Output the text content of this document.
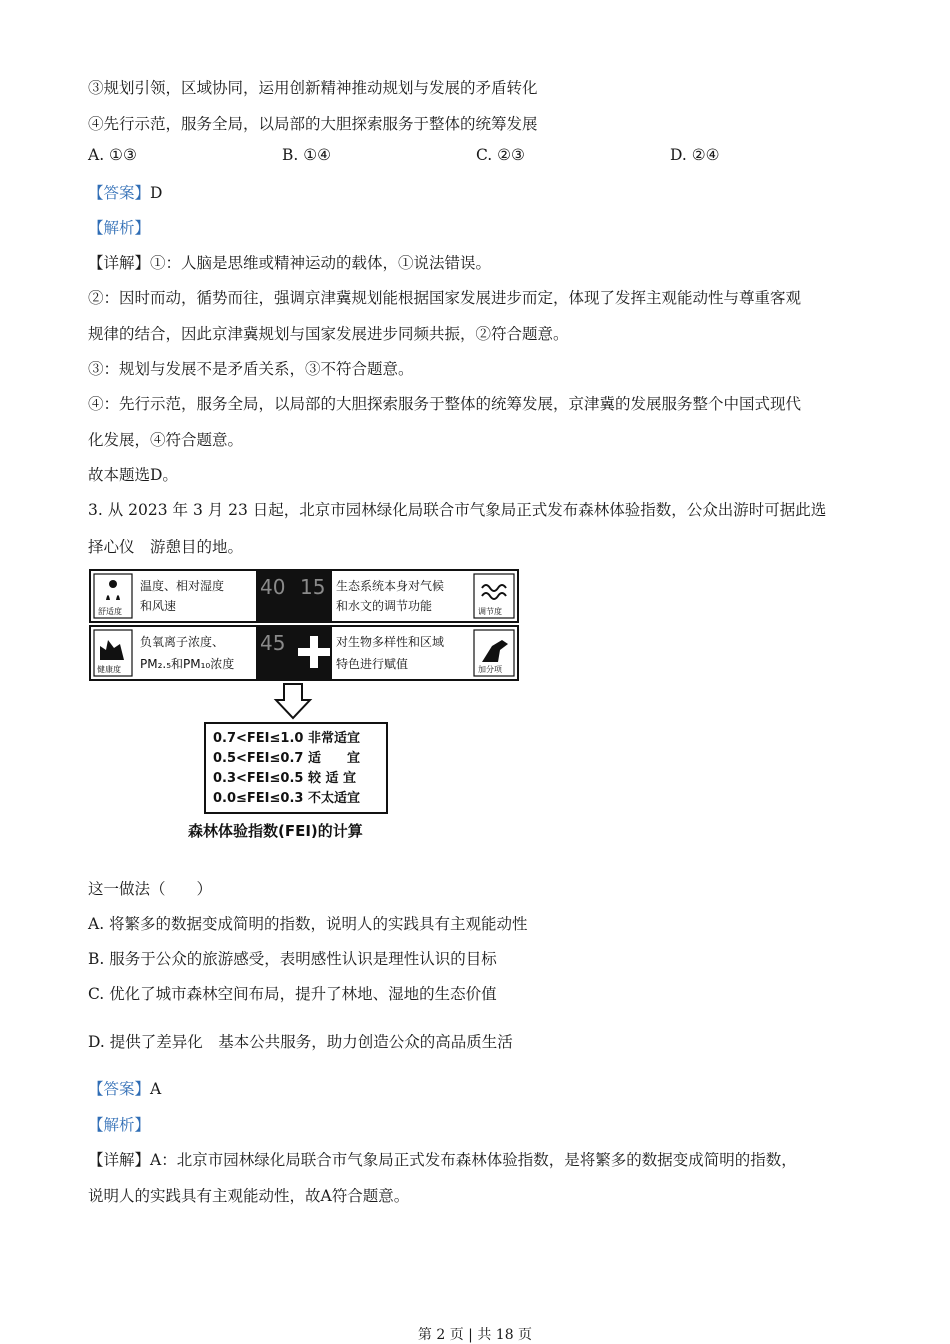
③规划引领，区域协同，运用创新精神推动规划与发展的矛盾转化
④先行示范，服务全局，以局部的大胆探索服务于整体的统筹发展
A. ①③	B. ①④	C. ②③	D. ②④
【答案】D
【解析】
【详解】①：人脑是思维或精神运动的载体，①说法错误。
②：因时而动，循势而往，强调京津冀规划能根据国家发展进步而定，体现了发挥主观能动性与尊重客观
规律的结合，因此京津冀规划与国家发展进步同频共振，②符合题意。
③：规划与发展不是矛盾关系，③不符合题意。
④：先行示范，服务全局，以局部的大胆探索服务于整体的统筹发展，京津冀的发展服务整个中国式现代
化发展，④符合题意。
故本题选D。
3. 从 2023 年 3 月 23 日起，北京市园林绿化局联合市气象局正式发布森林体验指数，公众出游时可据此选
择心仪　游憩目的地。
舒适度
温度、相对湿度
和风速
40 15 生态系统本身对气候
和水文的调节功能	调节度
健康度
负氧离子浓度、
PM₂.₅和PM₁₀浓度
45	对生物多样性和区域
特色进行赋值	加分项
0.7<FEI≤1.0 非常适宜
0.5<FEI≤0.7 适　　宜
0.3<FEI≤0.5 较 适 宜
0.0≤FEI≤0.3 不太适宜
森林体验指数(FEI)的计算
这一做法（　　）
A. 将繁多的数据变成简明的指数，说明人的实践具有主观能动性
B. 服务于公众的旅游感受，表明感性认识是理性认识的目标
C. 优化了城市森林空间布局，提升了林地、湿地的生态价值
D. 提供了差异化　基本公共服务，助力创造公众的高品质生活
【答案】A
【解析】
【详解】A：北京市园林绿化局联合市气象局正式发布森林体验指数，是将繁多的数据变成简明的指数，
说明人的实践具有主观能动性，故A符合题意。
第 2 页 | 共 18 页
